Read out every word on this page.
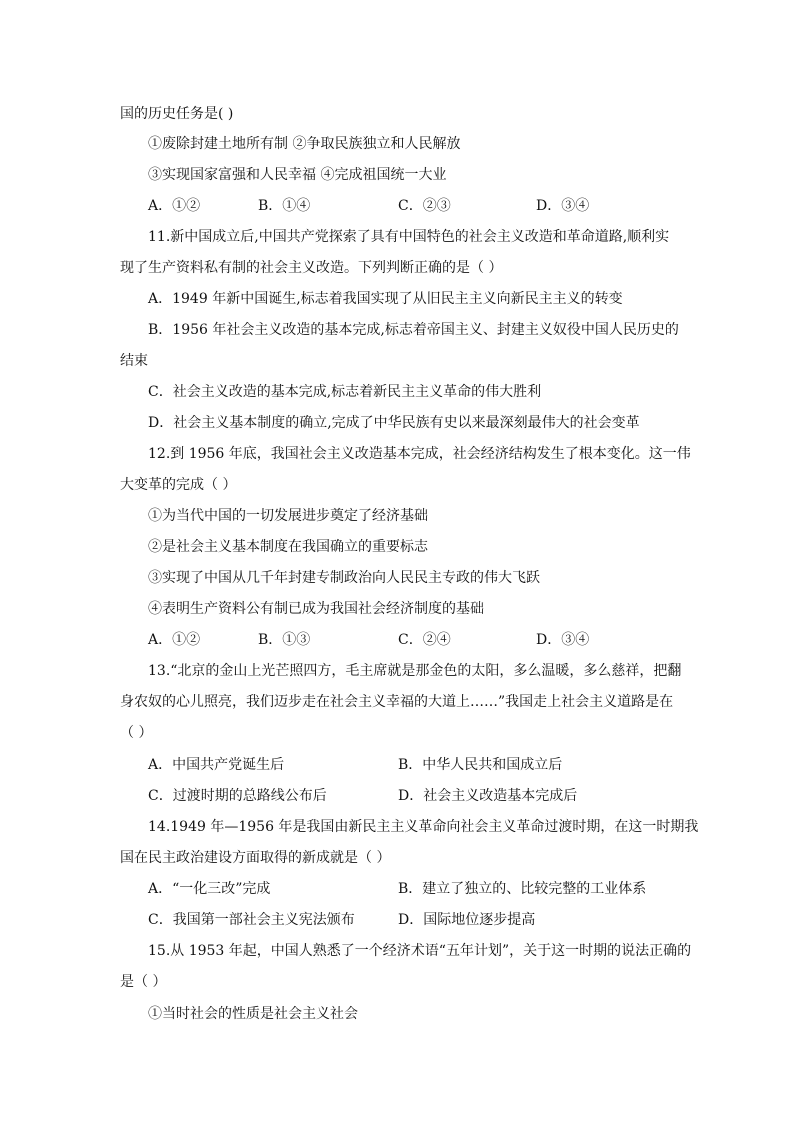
国的历史任务是( )
①废除封建土地所有制 ②争取民族独立和人民解放
③实现国家富强和人民幸福 ④完成祖国统一大业
A．①②	B．①④	C．②③	D．③④
11.新中国成立后,中国共产党探索了具有中国特色的社会主义改造和革命道路,顺利实
现了生产资料私有制的社会主义改造。下列判断正确的是（ ）
A．1949 年新中国诞生,标志着我国实现了从旧民主主义向新民主主义的转变
B．1956 年社会主义改造的基本完成,标志着帝国主义、封建主义奴役中国人民历史的
结束
C．社会主义改造的基本完成,标志着新民主主义革命的伟大胜利
D．社会主义基本制度的确立,完成了中华民族有史以来最深刻最伟大的社会变革
12.到 1956 年底，我国社会主义改造基本完成，社会经济结构发生了根本变化。这一伟
大变革的完成（ ）
①为当代中国的一切发展进步奠定了经济基础
②是社会主义基本制度在我国确立的重要标志
③实现了中国从几千年封建专制政治向人民民主专政的伟大飞跃
④表明生产资料公有制已成为我国社会经济制度的基础
A．①②	B．①③	C．②④	D．③④
13.“北京的金山上光芒照四方，毛主席就是那金色的太阳，多么温暖，多么慈祥，把翻
身农奴的心儿照亮，我们迈步走在社会主义幸福的大道上……”我国走上社会主义道路是在
（ ）
A．中国共产党诞生后	B．中华人民共和国成立后
C．过渡时期的总路线公布后	D．社会主义改造基本完成后
14.1949 年—1956 年是我国由新民主主义革命向社会主义革命过渡时期，在这一时期我
国在民主政治建设方面取得的新成就是（ ）
A．“一化三改”完成	B．建立了独立的、比较完整的工业体系
C．我国第一部社会主义宪法颁布	D．国际地位逐步提高
15.从 1953 年起，中国人熟悉了一个经济术语“五年计划”，关于这一时期的说法正确的
是（ ）
①当时社会的性质是社会主义社会
